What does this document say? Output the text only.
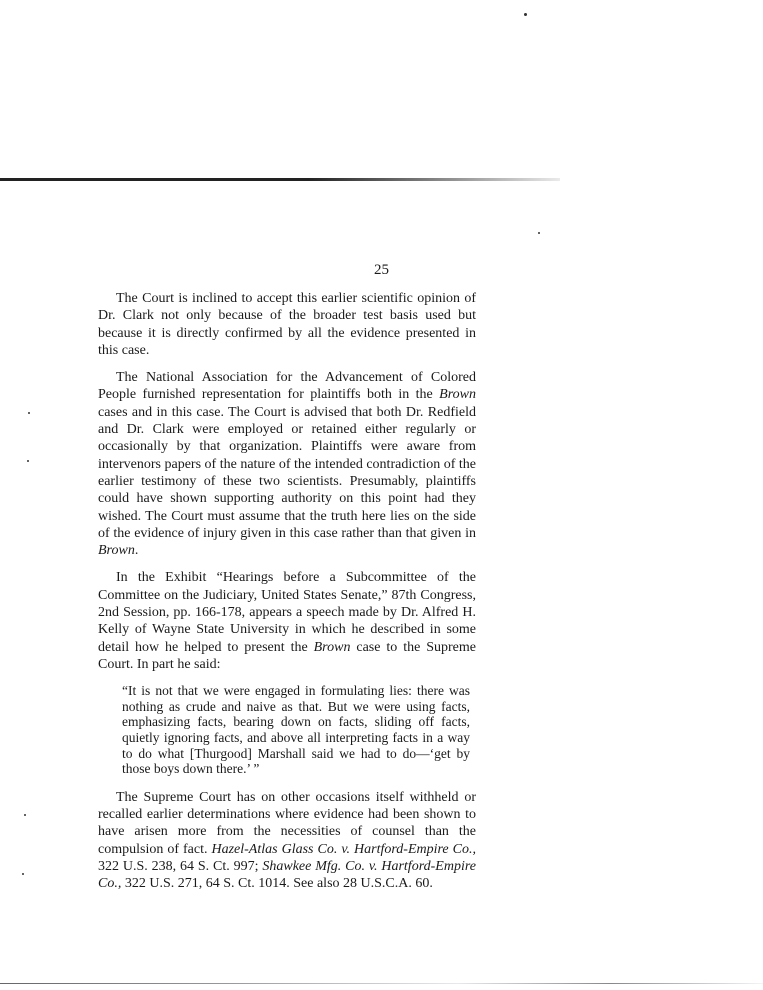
25

The Court is inclined to accept this earlier scientific opinion of Dr. Clark not only because of the broader test basis used but because it is directly confirmed by all the evidence presented in this case.

The National Association for the Advancement of Colored People furnished representation for plaintiffs both in the Brown cases and in this case. The Court is advised that both Dr. Redfield and Dr. Clark were employed or retained either regularly or occasionally by that organization. Plaintiffs were aware from intervenors papers of the nature of the intended contradiction of the earlier testimony of these two scientists. Presumably, plaintiffs could have shown supporting authority on this point had they wished. The Court must assume that the truth here lies on the side of the evidence of injury given in this case rather than that given in Brown.

In the Exhibit “Hearings before a Subcommittee of the Committee on the Judiciary, United States Senate,” 87th Congress, 2nd Session, pp. 166-178, appears a speech made by Dr. Alfred H. Kelly of Wayne State University in which he described in some detail how he helped to present the Brown case to the Supreme Court. In part he said:

“It is not that we were engaged in formulating lies: there was nothing as crude and naive as that. But we were using facts, emphasizing facts, bearing down on facts, sliding off facts, quietly ignoring facts, and above all interpreting facts in a way to do what [Thurgood] Marshall said we had to do—‘get by those boys down there.’ ”

The Supreme Court has on other occasions itself withheld or recalled earlier determinations where evidence had been shown to have arisen more from the necessities of counsel than the compulsion of fact. Hazel-Atlas Glass Co. v. Hartford-Empire Co., 322 U.S. 238, 64 S. Ct. 997; Shawkee Mfg. Co. v. Hartford-Empire Co., 322 U.S. 271, 64 S. Ct. 1014. See also 28 U.S.C.A. 60.
